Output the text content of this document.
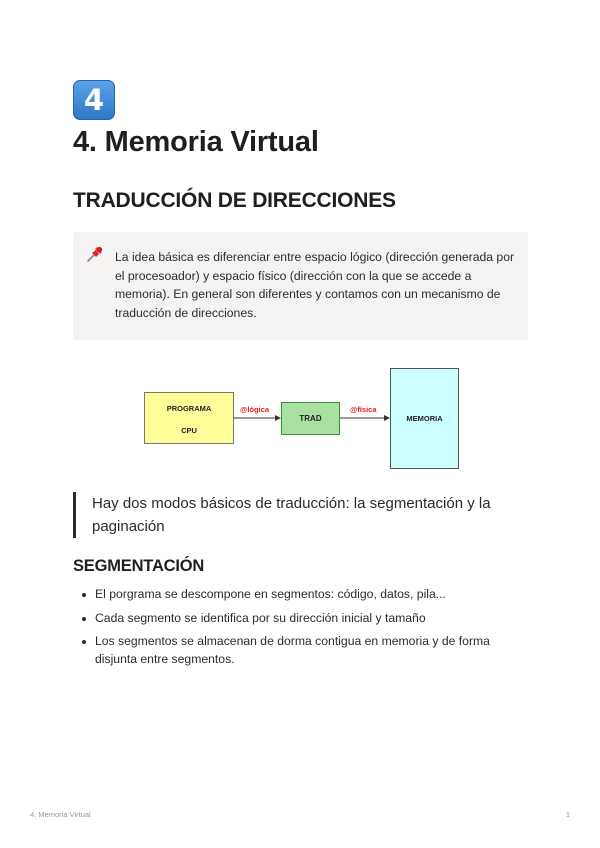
4
4. Memoria Virtual
TRADUCCIÓN DE DIRECCIONES

La idea básica es diferenciar entre espacio lógico (dirección generada por el procesoador) y espacio físico (dirección con la que se accede a memoria). En general son diferentes y contamos con un mecanismo de traducción de direcciones.

PROGRAMA
CPU
@lógica
TRAD
@física
MEMORIA
Hay dos modos básicos de traducción: la segmentación y la paginación
SEGMENTACIÓN
El porgrama se descompone en segmentos: código, datos, pila...
Cada segmento se identifica por su dirección inicial y tamaño
Los segmentos se almacenan de dorma contigua en memoria y de forma disjunta entre segmentos.
4. Memoria Virtual	1
